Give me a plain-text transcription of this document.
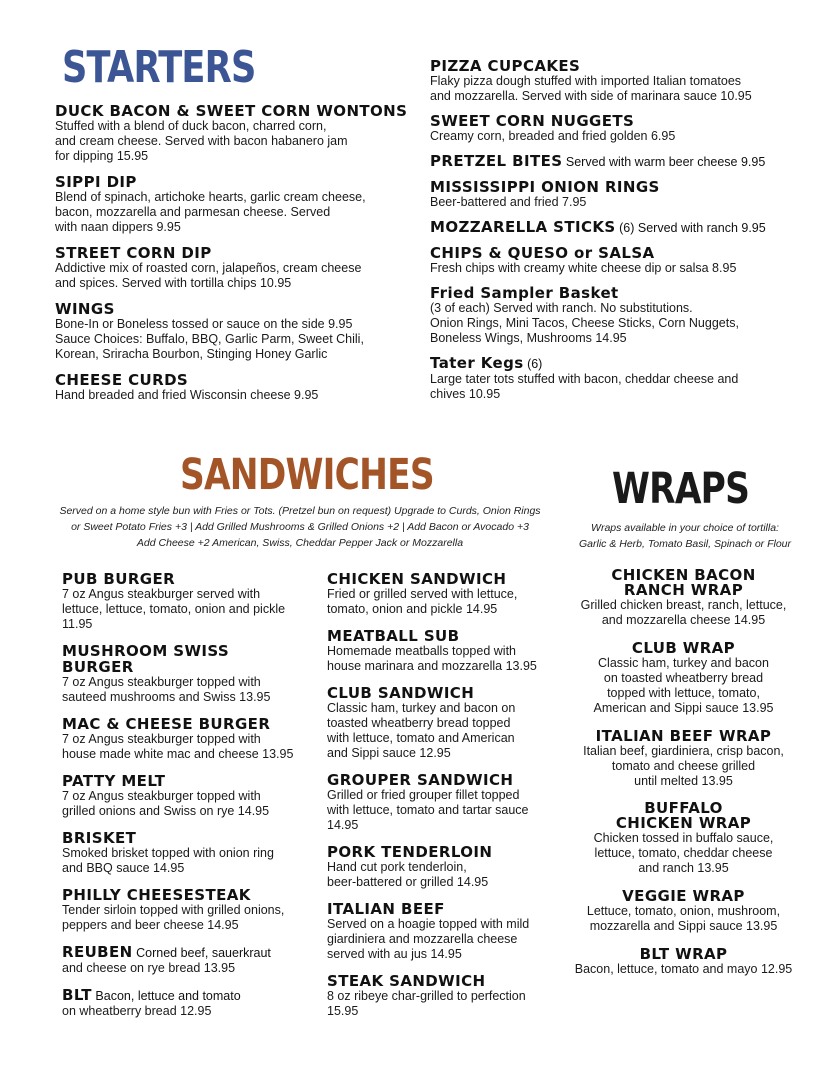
STARTERS
DUCK BACON & SWEET CORN WONTONS
Stuffed with a blend of duck bacon, charred corn,
and cream cheese. Served with bacon habanero jam
for dipping 15.95
SIPPI DIP
Blend of spinach, artichoke hearts, garlic cream cheese,
bacon, mozzarella and parmesan cheese. Served
with naan dippers 9.95
STREET CORN DIP
Addictive mix of roasted corn, jalapeños, cream cheese
and spices. Served with tortilla chips 10.95
WINGS
Bone-In or Boneless tossed or sauce on the side 9.95
Sauce Choices: Buffalo, BBQ, Garlic Parm, Sweet Chili,
Korean, Sriracha Bourbon, Stinging Honey Garlic
CHEESE CURDS
Hand breaded and fried Wisconsin cheese 9.95
PIZZA CUPCAKES
Flaky pizza dough stuffed with imported Italian tomatoes
and mozzarella. Served with side of marinara sauce 10.95
SWEET CORN NUGGETS
Creamy corn, breaded and fried golden 6.95
PRETZEL BITES Served with warm beer cheese 9.95
MISSISSIPPI ONION RINGS
Beer-battered and fried 7.95
MOZZARELLA STICKS (6) Served with ranch 9.95
CHIPS & QUESO or SALSA
Fresh chips with creamy white cheese dip or salsa 8.95
Fried Sampler Basket
(3 of each) Served with ranch. No substitutions.
Onion Rings, Mini Tacos, Cheese Sticks, Corn Nuggets,
Boneless Wings, Mushrooms 14.95
Tater Kegs (6)
Large tater tots stuffed with bacon, cheddar cheese and
chives 10.95
SANDWICHES

Served on a home style bun with Fries or Tots. (Pretzel bun on request) Upgrade to Curds, Onion Rings
or Sweet Potato Fries +3 | Add Grilled Mushrooms & Grilled Onions +2 | Add Bacon or Avocado +3
Add Cheese +2 American, Swiss, Cheddar Pepper Jack or Mozzarella

WRAPS

Wraps available in your choice of tortilla:
Garlic & Herb, Tomato Basil, Spinach or Flour

PUB BURGER
7 oz Angus steakburger served with
lettuce, lettuce, tomato, onion and pickle
11.95
MUSHROOM SWISS
BURGER
7 oz Angus steakburger topped with
sauteed mushrooms and Swiss 13.95
MAC & CHEESE BURGER
7 oz Angus steakburger topped with
house made white mac and cheese 13.95
PATTY MELT
7 oz Angus steakburger topped with
grilled onions and Swiss on rye 14.95
BRISKET
Smoked brisket topped with onion ring
and BBQ sauce 14.95
PHILLY CHEESESTEAK
Tender sirloin topped with grilled onions,
peppers and beer cheese 14.95
REUBEN Corned beef, sauerkraut
and cheese on rye bread 13.95
BLT Bacon, lettuce and tomato
on wheatberry bread 12.95
CHICKEN SANDWICH
Fried or grilled served with lettuce,
tomato, onion and pickle 14.95
MEATBALL SUB
Homemade meatballs topped with
house marinara and mozzarella 13.95
CLUB SANDWICH
Classic ham, turkey and bacon on
toasted wheatberry bread topped
with lettuce, tomato and American
and Sippi sauce 12.95
GROUPER SANDWICH
Grilled or fried grouper fillet topped
with lettuce, tomato and tartar sauce
14.95
PORK TENDERLOIN
Hand cut pork tenderloin,
beer-battered or grilled 14.95
ITALIAN BEEF
Served on a hoagie topped with mild
giardiniera and mozzarella cheese
served with au jus 14.95
STEAK SANDWICH
8 oz ribeye char-grilled to perfection
15.95
CHICKEN BACON
RANCH WRAP
Grilled chicken breast, ranch, lettuce,
and mozzarella cheese 14.95
CLUB WRAP
Classic ham, turkey and bacon
on toasted wheatberry bread
topped with lettuce, tomato,
American and Sippi sauce 13.95
ITALIAN BEEF WRAP
Italian beef, giardiniera, crisp bacon,
tomato and cheese grilled
until melted 13.95
BUFFALO
CHICKEN WRAP
Chicken tossed in buffalo sauce,
lettuce, tomato, cheddar cheese
and ranch 13.95
VEGGIE WRAP
Lettuce, tomato, onion, mushroom,
mozzarella and Sippi sauce 13.95
BLT WRAP
Bacon, lettuce, tomato and mayo 12.95
